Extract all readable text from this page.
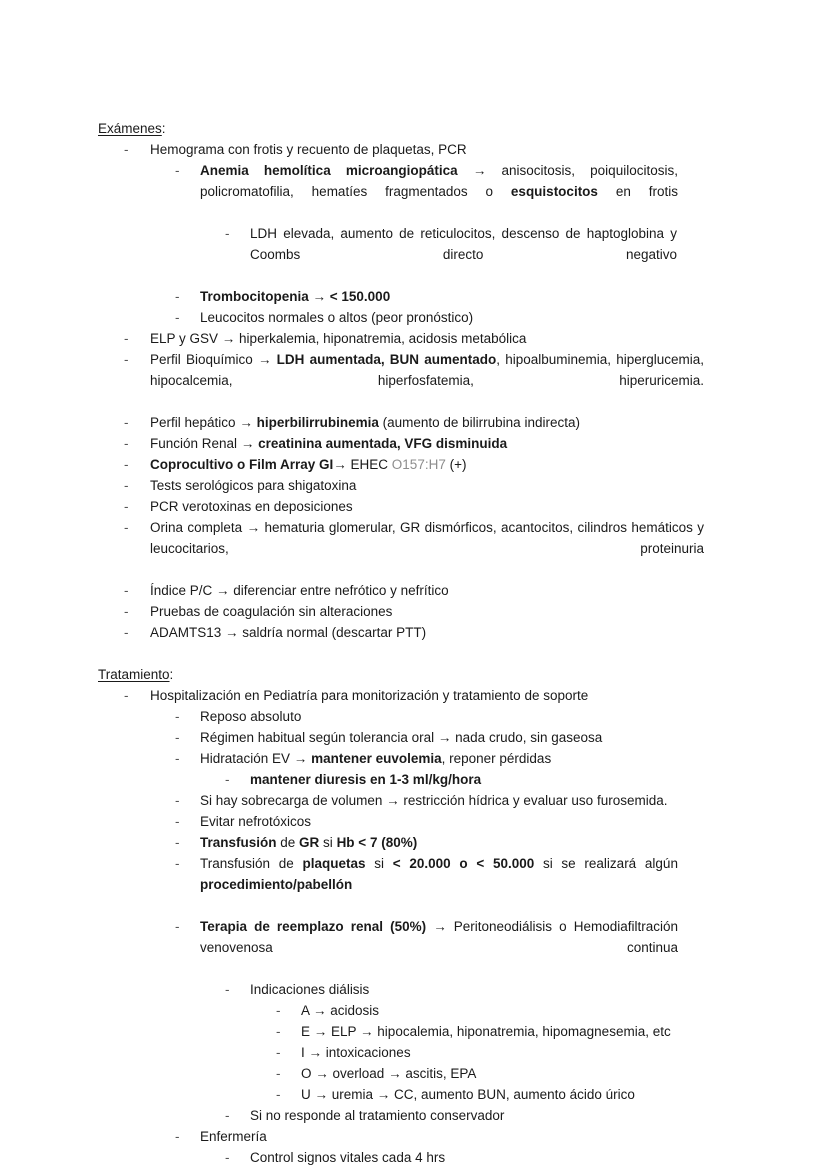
Exámenes:
-	Hemograma con frotis y recuento de plaquetas, PCR
-	Anemia hemolítica microangiopática → anisocitosis, poiquilocitosis, policromatofilia, hematíes fragmentados o esquistocitos en frotis
-	LDH elevada, aumento de reticulocitos, descenso de haptoglobina y Coombs directo negativo
-	Trombocitopenia → < 150.000
-	Leucocitos normales o altos (peor pronóstico)
-	ELP y GSV → hiperkalemia, hiponatremia, acidosis metabólica
-	Perfil Bioquímico → LDH aumentada, BUN aumentado, hipoalbuminemia, hiperglucemia, hipocalcemia, hiperfosfatemia, hiperuricemia.
-	Perfil hepático → hiperbilirrubinemia (aumento de bilirrubina indirecta)
-	Función Renal → creatinina aumentada, VFG disminuida
-	Coprocultivo o Film Array GI→ EHEC O157:H7 (+)
-	Tests serológicos para shigatoxina
-	PCR verotoxinas en deposiciones
-	Orina completa → hematuria glomerular, GR dismórficos, acantocitos, cilindros hemáticos y leucocitarios, proteinuria
-	Índice P/C → diferenciar entre nefrótico y nefrítico
-	Pruebas de coagulación sin alteraciones
-	ADAMTS13 → saldría normal (descartar PTT)
Tratamiento:
-	Hospitalización en Pediatría para monitorización y tratamiento de soporte
-	Reposo absoluto
-	Régimen habitual según tolerancia oral → nada crudo, sin gaseosa
-	Hidratación EV → mantener euvolemia, reponer pérdidas
-	mantener diuresis en 1-3 ml/kg/hora
-	Si hay sobrecarga de volumen → restricción hídrica y evaluar uso furosemida.
-	Evitar nefrotóxicos
-	Transfusión de GR si Hb < 7 (80%)
-	Transfusión de plaquetas si < 20.000 o < 50.000 si se realizará algún procedimiento/pabellón
-	Terapia de reemplazo renal (50%) → Peritoneodiálisis o Hemodiafiltración venovenosa continua
-	Indicaciones diálisis
-	A → acidosis
-	E → ELP → hipocalemia, hiponatremia, hipomagnesemia, etc
-	I → intoxicaciones
-	O → overload → ascitis, EPA
-	U → uremia → CC, aumento BUN, aumento ácido úrico
-	Si no responde al tratamiento conservador
-	Enfermería
-	Control signos vitales cada 4 hrs
